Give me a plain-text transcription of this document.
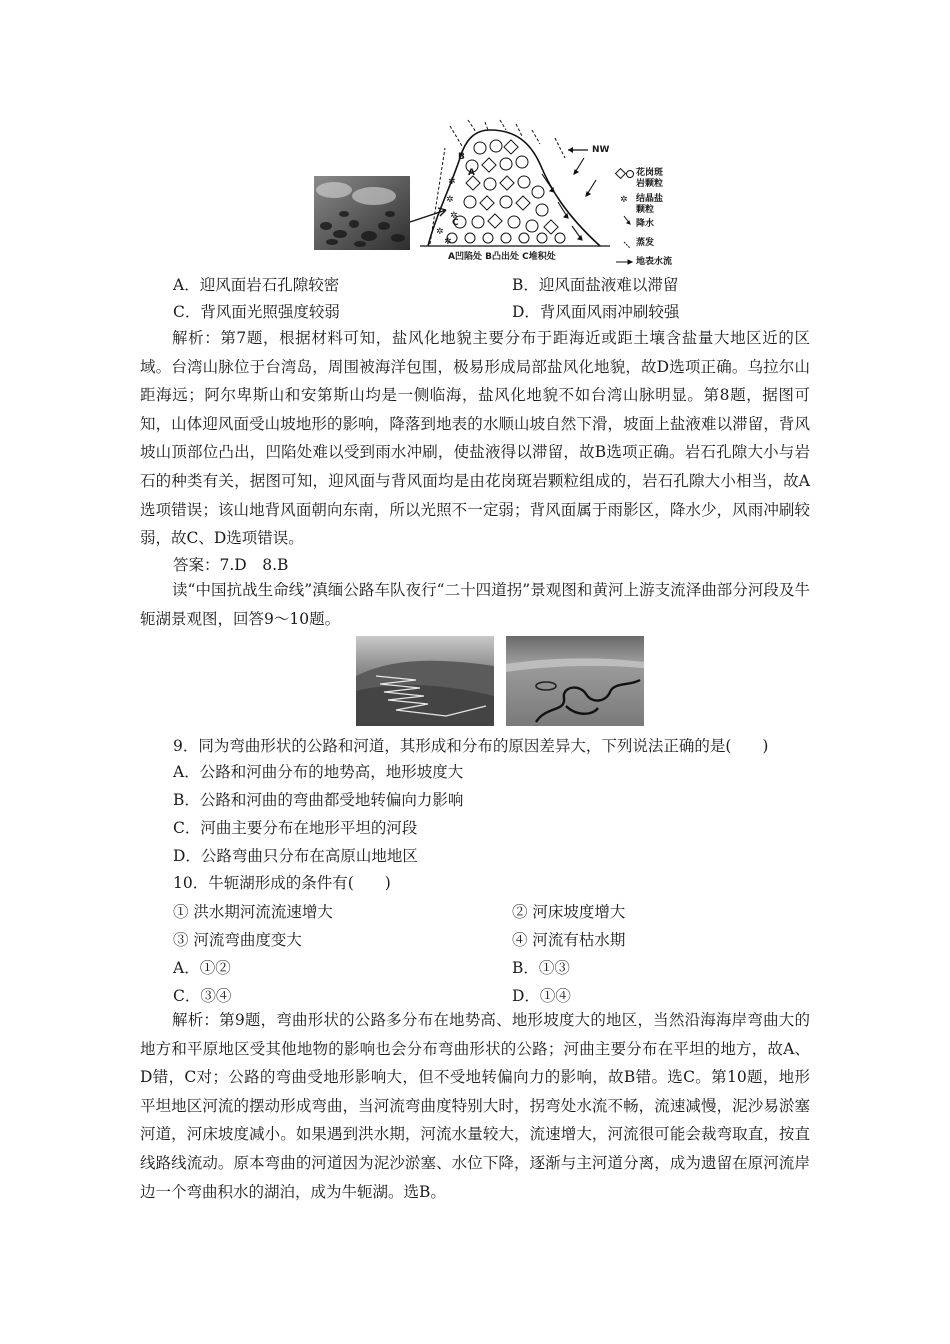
✲
✲
✲
✲
✲
✲
NW
B
A
C
花岗斑
岩颗粒
结晶盐
颗粒
降水
蒸发
地表水流
A凹陷处 B凸出处 C堆积处
A．迎风面岩石孔隙较密	B．迎风面盐液难以滞留
C．背风面光照强度较弱	D．背风面风雨冲刷较强
解析：第7题，根据材料可知，盐风化地貌主要分布于距海近或距土壤含盐量大地区近的区域。台湾山脉位于台湾岛，周围被海洋包围，极易形成局部盐风化地貌，故D选项正确。乌拉尔山距海远；阿尔卑斯山和安第斯山均是一侧临海，盐风化地貌不如台湾山脉明显。第8题，据图可知，山体迎风面受山坡地形的影响，降落到地表的水顺山坡自然下滑，坡面上盐液难以滞留，背风坡山顶部位凸出，凹陷处难以受到雨水冲刷，使盐液得以滞留，故B选项正确。岩石孔隙大小与岩石的种类有关，据图可知，迎风面与背风面均是由花岗斑岩颗粒组成的，岩石孔隙大小相当，故A选项错误；该山地背风面朝向东南，所以光照不一定弱；背风面属于雨影区，降水少，风雨冲刷较弱，故C、D选项错误。
答案：7.D　8.B
读“中国抗战生命线”滇缅公路车队夜行“二十四道拐”景观图和黄河上游支流泽曲部分河段及牛轭湖景观图，回答9～10题。
9．同为弯曲形状的公路和河道，其形成和分布的原因差异大，下列说法正确的是(　　)
A．公路和河曲分布的地势高，地形坡度大
B．公路和河曲的弯曲都受地转偏向力影响
C．河曲主要分布在地形平坦的河段
D．公路弯曲只分布在高原山地地区
10．牛轭湖形成的条件有(　　)
① 洪水期河流流速增大	② 河床坡度增大
③ 河流弯曲度变大	④ 河流有枯水期
A．①②	B．①③
C．③④	D．①④
解析：第9题，弯曲形状的公路多分布在地势高、地形坡度大的地区，当然沿海海岸弯曲大的地方和平原地区受其他地物的影响也会分布弯曲形状的公路；河曲主要分布在平坦的地方，故A、D错，C对；公路的弯曲受地形影响大，但不受地转偏向力的影响，故B错。选C。第10题，地形平坦地区河流的摆动形成弯曲，当河流弯曲度特别大时，拐弯处水流不畅，流速减慢，泥沙易淤塞河道，河床坡度减小。如果遇到洪水期，河流水量较大，流速增大，河流很可能会裁弯取直，按直线路线流动。原本弯曲的河道因为泥沙淤塞、水位下降，逐渐与主河道分离，成为遗留在原河流岸边一个弯曲积水的湖泊，成为牛轭湖。选B。
